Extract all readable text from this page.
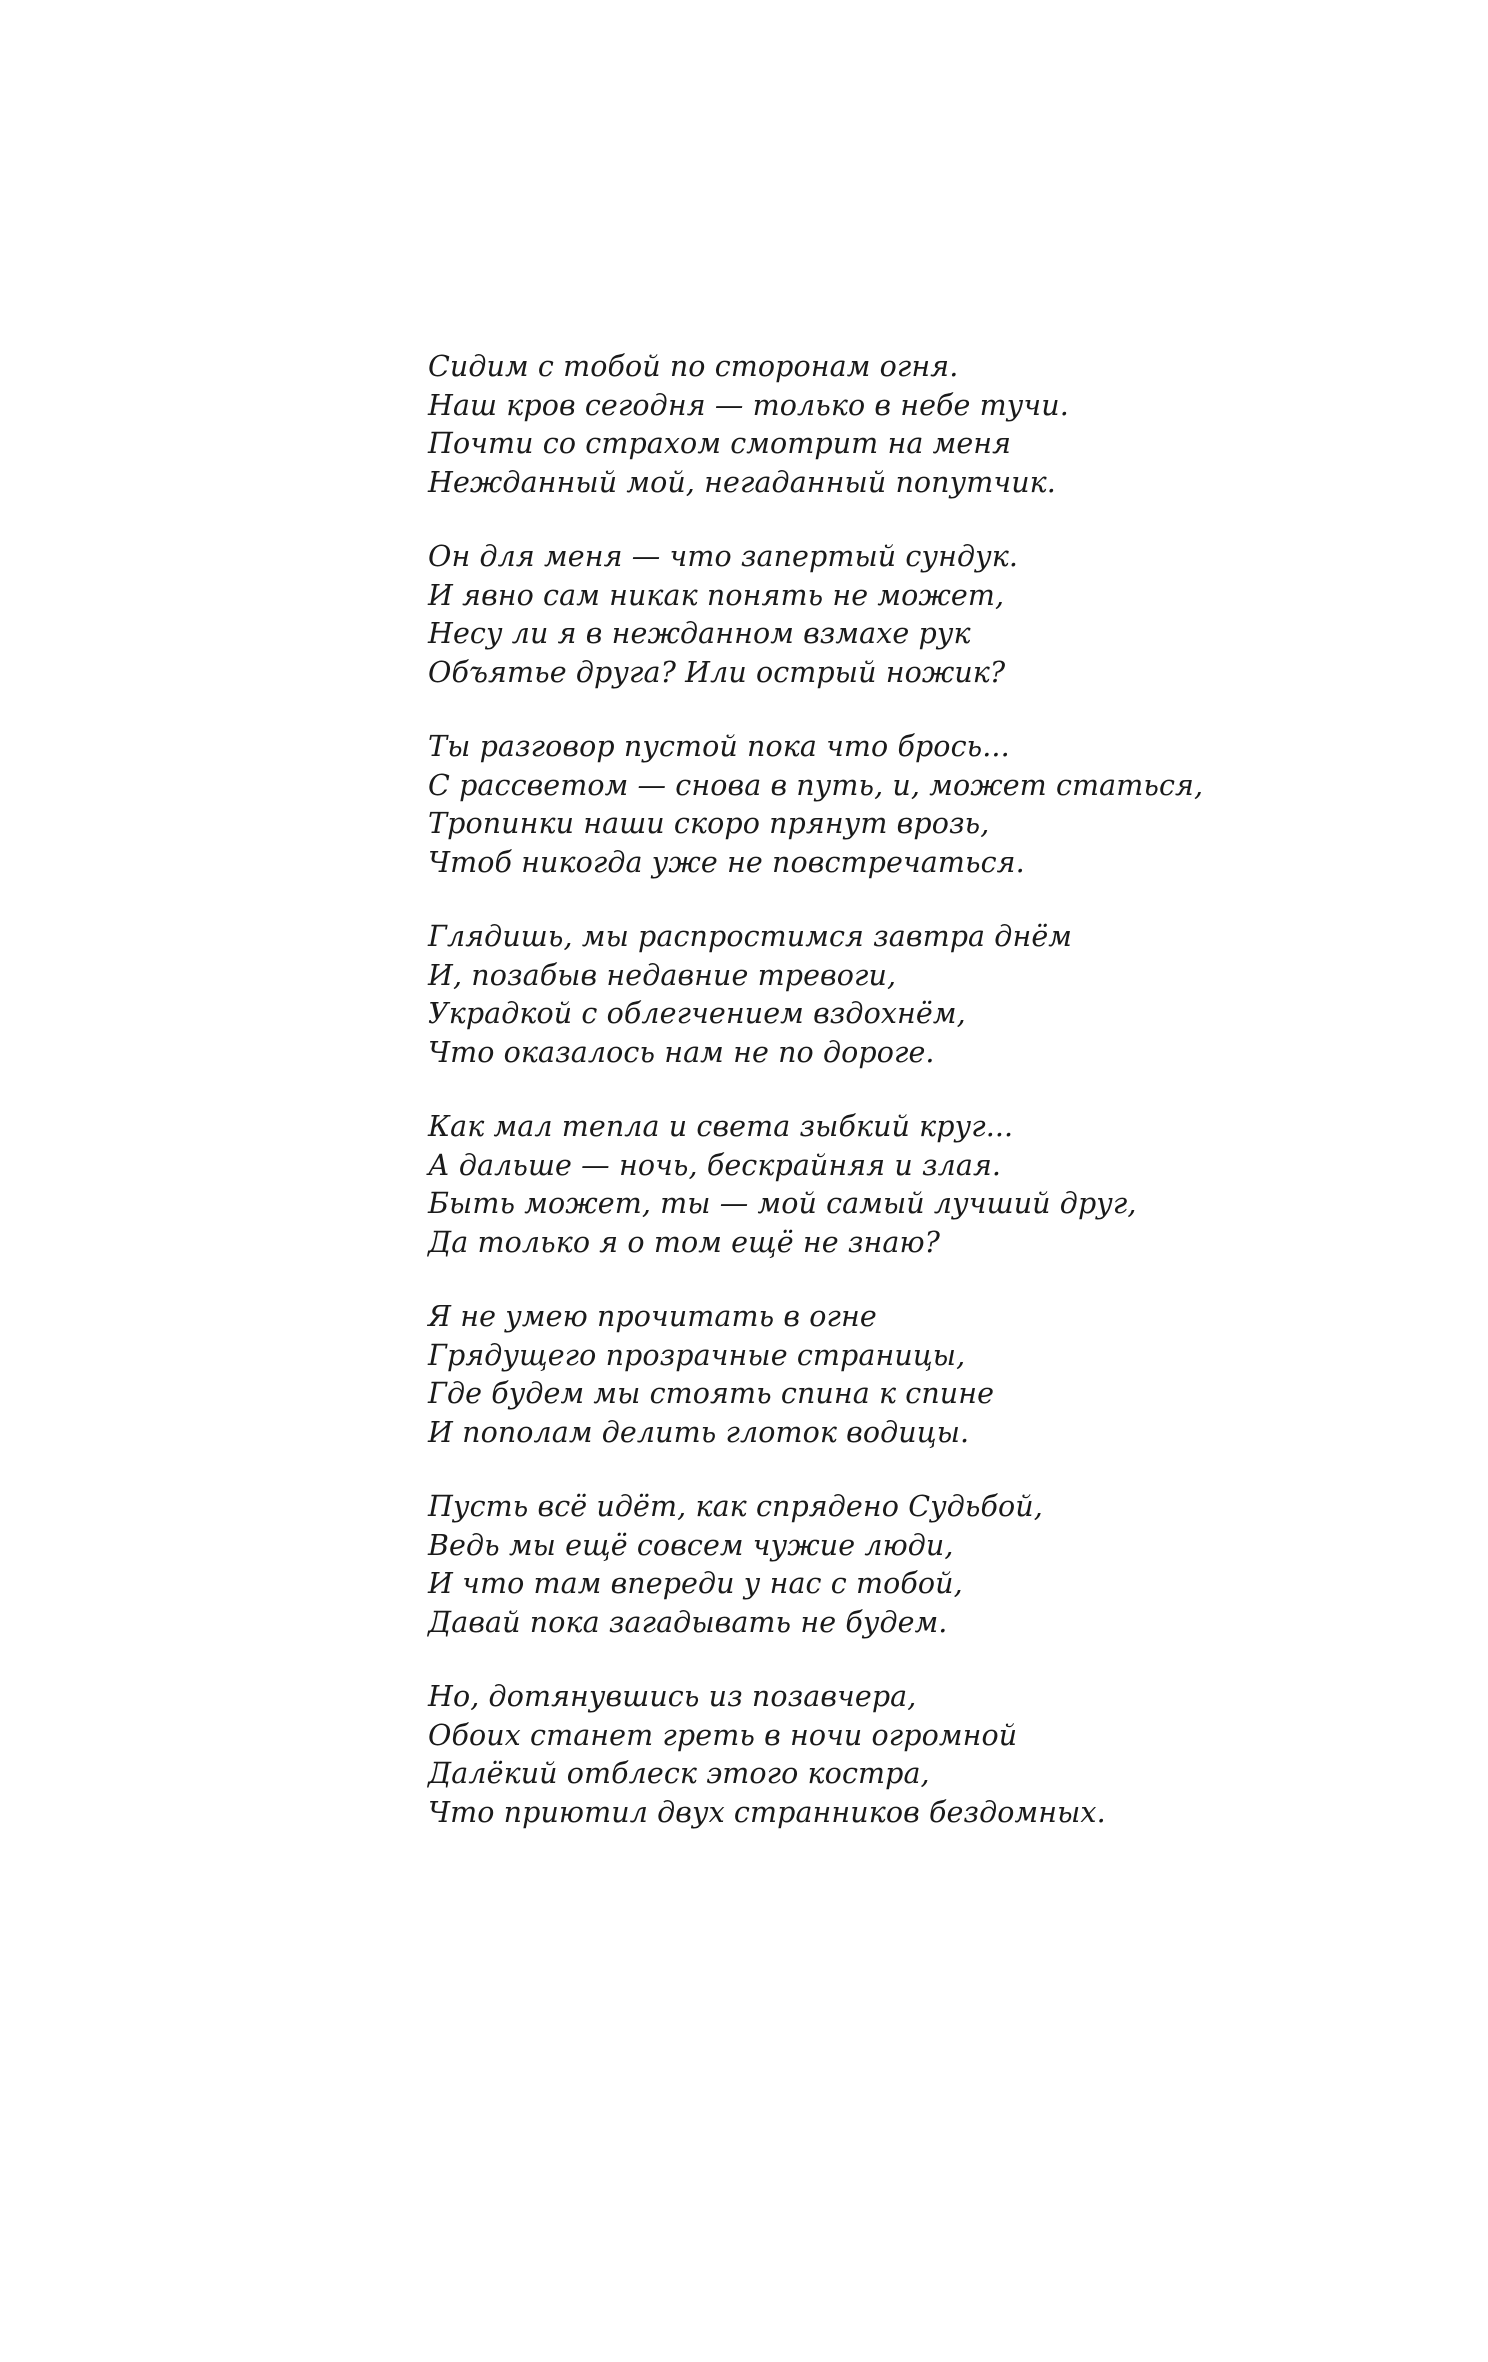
Сидим с тобой по сторонам огня.
Наш кров сегодня — только в небе тучи.
Почти со страхом смотрит на меня
Нежданный мой, негаданный попутчик.
Он для меня — что запертый сундук.
И явно сам никак понять не может,
Несу ли я в нежданном взмахе рук
Объятье друга? Или острый ножик?
Ты разговор пустой пока что брось...
С рассветом — снова в путь, и, может статься,
Тропинки наши скоро прянут врозь,
Чтоб никогда уже не повстречаться.
Глядишь, мы распростимся завтра днём
И, позабыв недавние тревоги,
Украдкой с облегчением вздохнём,
Что оказалось нам не по дороге.
Как мал тепла и света зыбкий круг...
А дальше — ночь, бескрайняя и злая.
Быть может, ты — мой самый лучший друг,
Да только я о том ещё не знаю?
Я не умею прочитать в огне
Грядущего прозрачные страницы,
Где будем мы стоять спина к спине
И пополам делить глоток водицы.
Пусть всё идёт, как спрядено Судьбой,
Ведь мы ещё совсем чужие люди,
И что там впереди у нас с тобой,
Давай пока загадывать не будем.
Но, дотянувшись из позавчера,
Обоих станет греть в ночи огромной
Далёкий отблеск этого костра,
Что приютил двух странников бездомных.
